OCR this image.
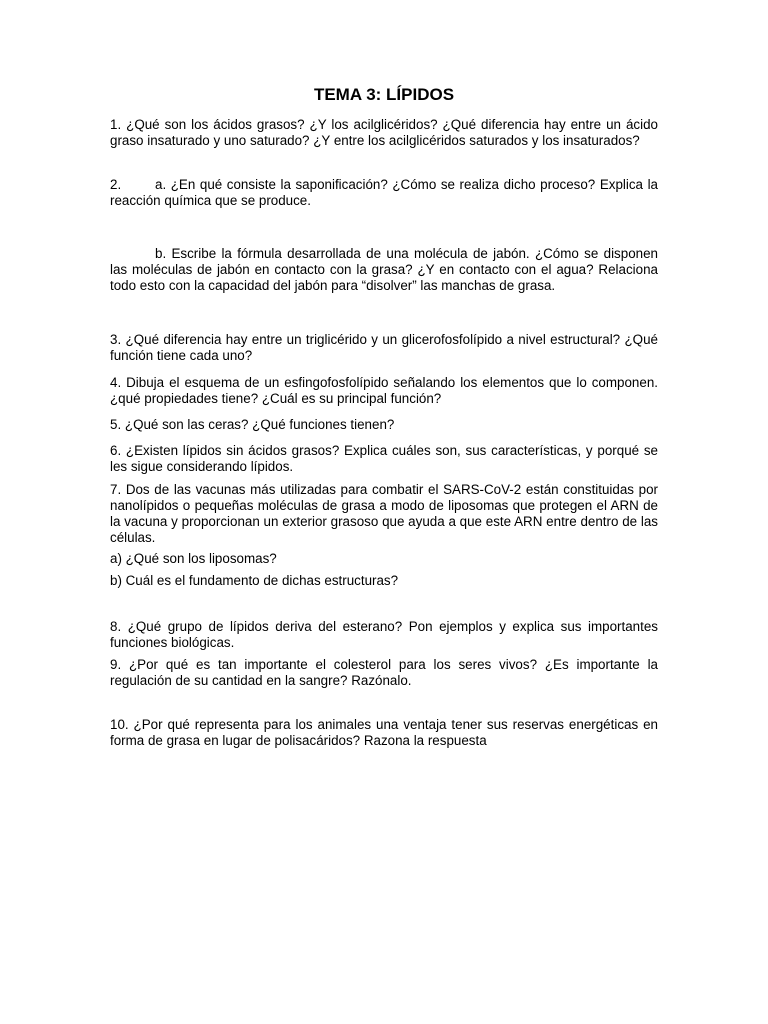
TEMA 3: LÍPIDOS

1. ¿Qué son los ácidos grasos? ¿Y los acilglicéridos? ¿Qué diferencia hay entre un ácido graso insaturado y uno saturado? ¿Y entre los acilglicéridos saturados y los insaturados?

2.	a. ¿En qué consiste la saponificación? ¿Cómo se realiza dicho proceso? Explica la reacción química que se produce.

b. Escribe la fórmula desarrollada de una molécula de jabón. ¿Cómo se disponen las moléculas de jabón en contacto con la grasa? ¿Y en contacto con el agua? Relaciona todo esto con la capacidad del jabón para “disolver” las manchas de grasa.

3. ¿Qué diferencia hay entre un triglicérido y un glicerofosfolípido a nivel estructural? ¿Qué función tiene cada uno?

4. Dibuja el esquema de un esfingofosfolípido señalando los elementos que lo componen. ¿qué propiedades tiene? ¿Cuál es su principal función?

5. ¿Qué son las ceras? ¿Qué funciones tienen?

6. ¿Existen lípidos sin ácidos grasos? Explica cuáles son, sus características, y porqué se les sigue considerando lípidos.

7. Dos de las vacunas más utilizadas para combatir el SARS-CoV-2 están constituidas por nanolípidos o pequeñas moléculas de grasa a modo de liposomas que protegen el ARN de la vacuna y proporcionan un exterior grasoso que ayuda a que este ARN entre dentro de las células.

a) ¿Qué son los liposomas?

b) Cuál es el fundamento de dichas estructuras?

8. ¿Qué grupo de lípidos deriva del esterano? Pon ejemplos y explica sus importantes funciones biológicas.

9. ¿Por qué es tan importante el colesterol para los seres vivos? ¿Es importante la regulación de su cantidad en la sangre? Razónalo.

10. ¿Por qué representa para los animales una ventaja tener sus reservas energéticas en forma de grasa en lugar de polisacáridos? Razona la respuesta
